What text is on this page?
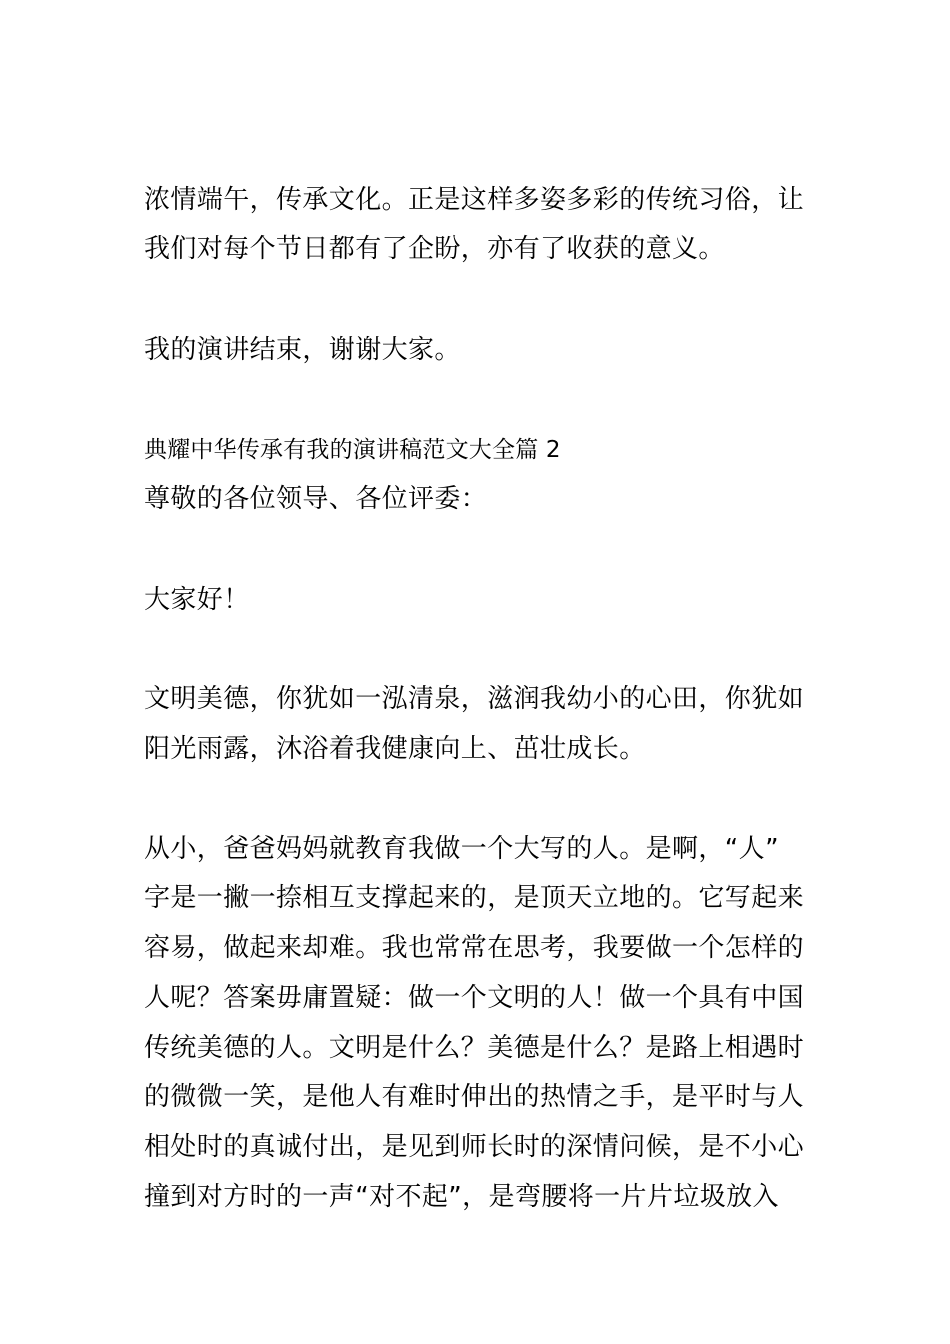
浓情端午，传承文化。正是这样多姿多彩的传统习俗，让
我们对每个节日都有了企盼，亦有了收获的意义。
我的演讲结束，谢谢大家。
典耀中华传承有我的演讲稿范文大全篇 2
尊敬的各位领导、各位评委：
大家好！
文明美德，你犹如一泓清泉，滋润我幼小的心田，你犹如
阳光雨露，沐浴着我健康向上、茁壮成长。
从小，爸爸妈妈就教育我做一个大写的人。是啊，“人”
字是一撇一捺相互支撑起来的，是顶天立地的。它写起来
容易，做起来却难。我也常常在思考，我要做一个怎样的
人呢？答案毋庸置疑：做一个文明的人！做一个具有中国
传统美德的人。文明是什么？美德是什么？是路上相遇时
的微微一笑，是他人有难时伸出的热情之手，是平时与人
相处时的真诚付出，是见到师长时的深情问候，是不小心
撞到对方时的一声“对不起”，是弯腰将一片片垃圾放入
